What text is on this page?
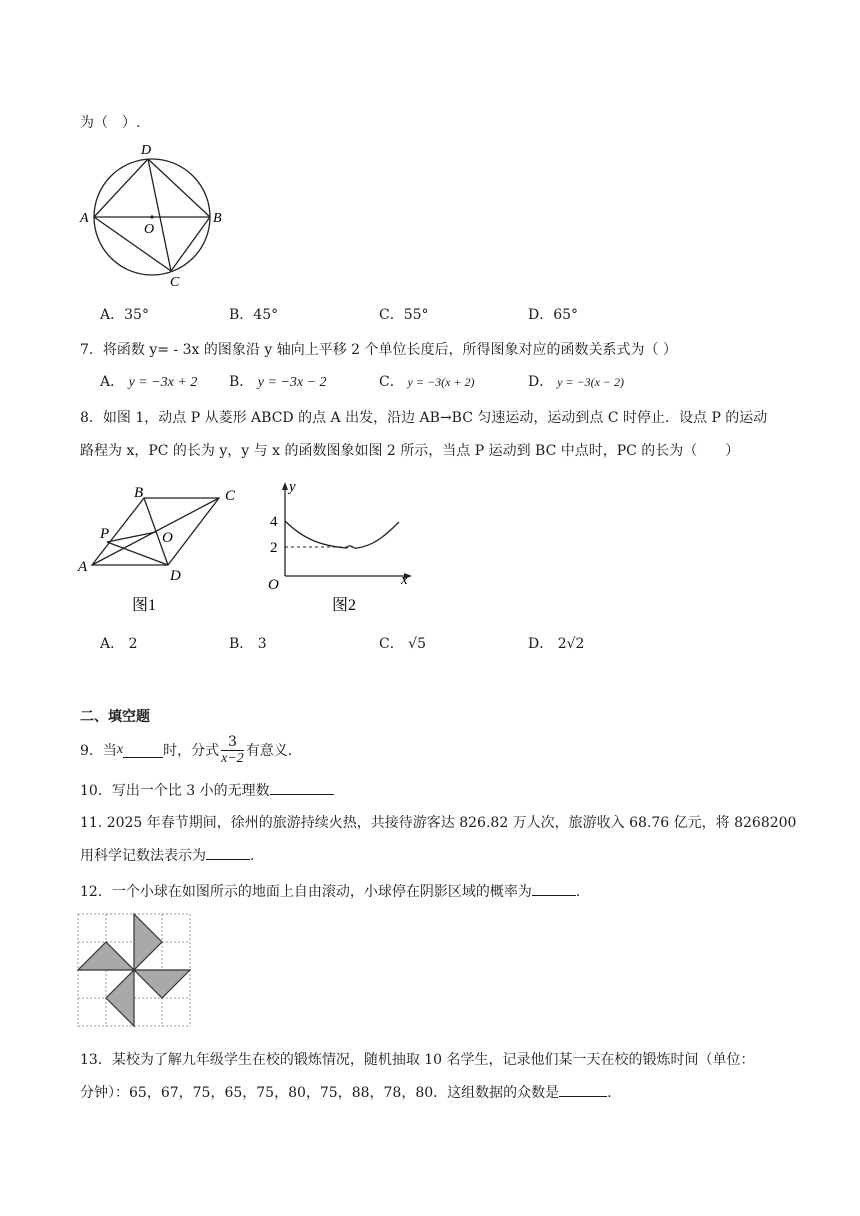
为（　）.
D
A	B
O
C
A．35°	B．45°	C．55°	D．65°
7．将函数 y= - 3x 的图象沿 y 轴向上平移 2 个单位长度后，所得图象对应的函数关系式为（ ）
A． y = −3x + 2 B． y = −3x − 2	C． y = −3(x + 2)	D． y = −3(x − 2)
8．如图 1，动点 P 从菱形 ABCD 的点 A 出发，沿边 AB→BC 匀速运动，运动到点 C 时停止．设点 P 的运动
路程为 x，PC 的长为 y，y 与 x 的函数图象如图 2 所示，当点 P 运动到 BC 中点时，PC 的长为（　　）
B	C
P	O
A
D
图1
y
4
2
O	x
图2
A． 2	B． 3	C． √5	D． 2√2
二、填空题
9．当 x	时，分式 $\frac{3}{x-2}$ 有意义.
10．写出一个比 3 小的无理数
11. 2025 年春节期间，徐州的旅游持续火热，共接待游客达 826.82 万人次，旅游收入 68.76 亿元，将 8268200
用科学记数法表示为	.
12．一个小球在如图所示的地面上自由滚动，小球停在阴影区域的概率为	.
13．某校为了解九年级学生在校的锻炼情况，随机抽取 10 名学生，记录他们某一天在校的锻炼时间（单位：
分钟）：65，67，75，65，75，80，75，88，78，80．这组数据的众数是	.
